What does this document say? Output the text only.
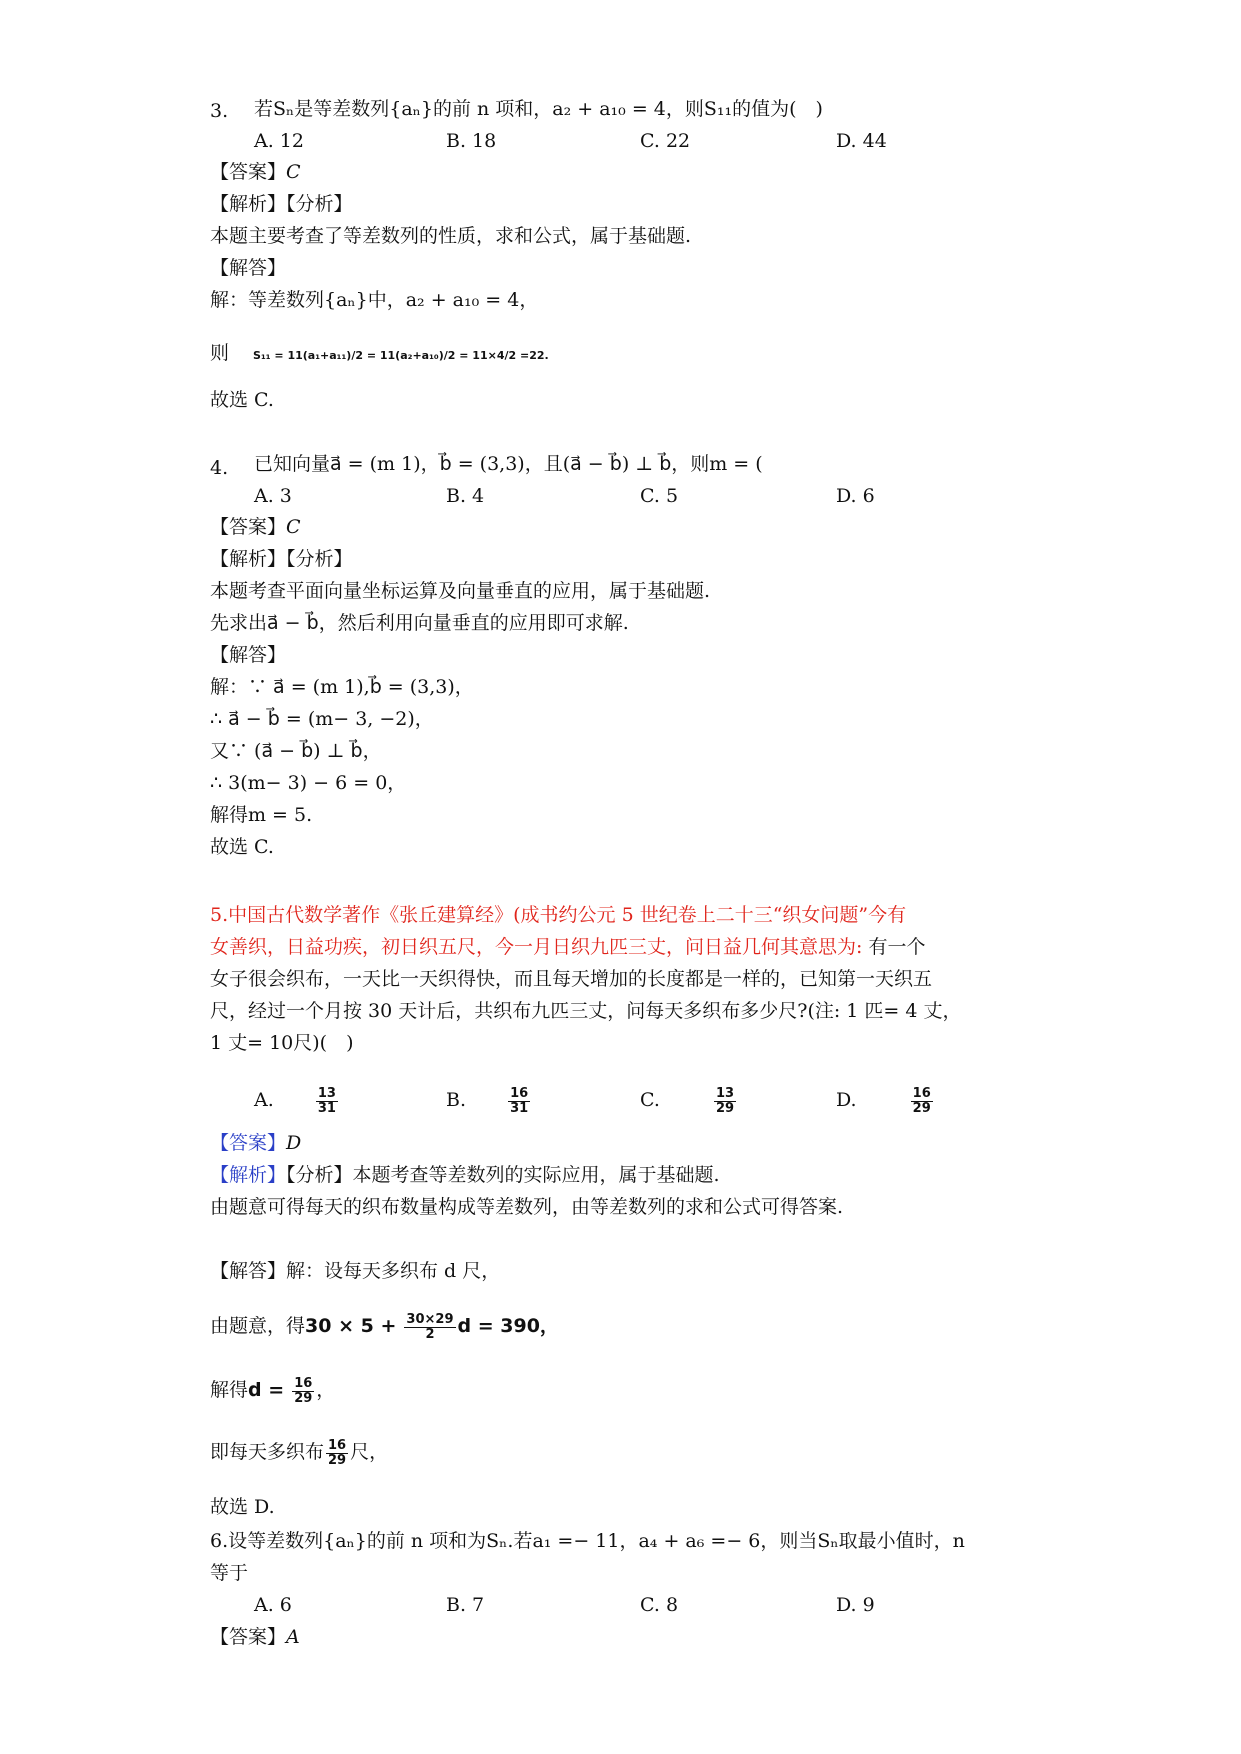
3. 若Sₙ是等差数列{aₙ}的前 n 项和，a₂ + a₁₀ = 4，则S₁₁的值为(　)
A. 12	B. 18	C. 22	D. 44
【答案】C
【解析】【分析】
本题主要考查了等差数列的性质，求和公式，属于基础题.
【解答】
解：等差数列{aₙ}中，a₂ + a₁₀ = 4，
则 S₁₁ = 11(a₁+a₁₁)/2 = 11(a₂+a₁₀)/2 = 11×4/2 =22.
故选 C.
4. 已知向量a⃗ = (m 1)，b⃗ = (3,3)，且(a⃗ − b⃗) ⊥ b⃗，则m = (
A. 3	B. 4	C. 5	D. 6
【答案】C
【解析】【分析】
本题考查平面向量坐标运算及向量垂直的应用，属于基础题.
先求出a⃗ − b⃗，然后利用向量垂直的应用即可求解.
【解答】
解：∵ a⃗ = (m 1),b⃗ = (3,3)，
∴ a⃗ − b⃗ = (m− 3, −2)，
又∵ (a⃗ − b⃗) ⊥ b⃗，
∴ 3(m− 3) − 6 = 0，
解得m = 5.
故选 C.
5.中国古代数学著作《张丘建算经》(成书约公元 5 世纪卷上二十三“织女问题”今有
女善织，日益功疾，初日织五尺，今一月日织九匹三丈，问日益几何其意思为: 有一个
女子很会织布，一天比一天织得快，而且每天增加的长度都是一样的，已知第一天织五
尺，经过一个月按 30 天计后，共织布九匹三丈，问每天多织布多少尺?(注: 1 匹= 4 丈，
1 丈= 10尺)(　)
A.	$\frac{13}{31}$	B.	$\frac{16}{31}$	C.	$\frac{13}{29}$	D.	$\frac{16}{29}$
【答案】D
【解析】【分析】本题考查等差数列的实际应用，属于基础题.
由题意可得每天的织布数量构成等差数列，由等差数列的求和公式可得答案.
【解答】解：设每天多织布 d 尺，
由题意，得$30 \times 5 + \frac{30\times 29}{2}$ d = 390，
解得$d = \frac{16}{29}$ ，
即每天多织布 $\frac{16}{29}$ 尺，
故选 D.
6.设等差数列{aₙ}的前 n 项和为Sₙ.若a₁ =− 11，a₄ + a₆ =− 6，则当Sₙ取最小值时，n
等于
A. 6	B. 7	C. 8	D. 9
【答案】A
